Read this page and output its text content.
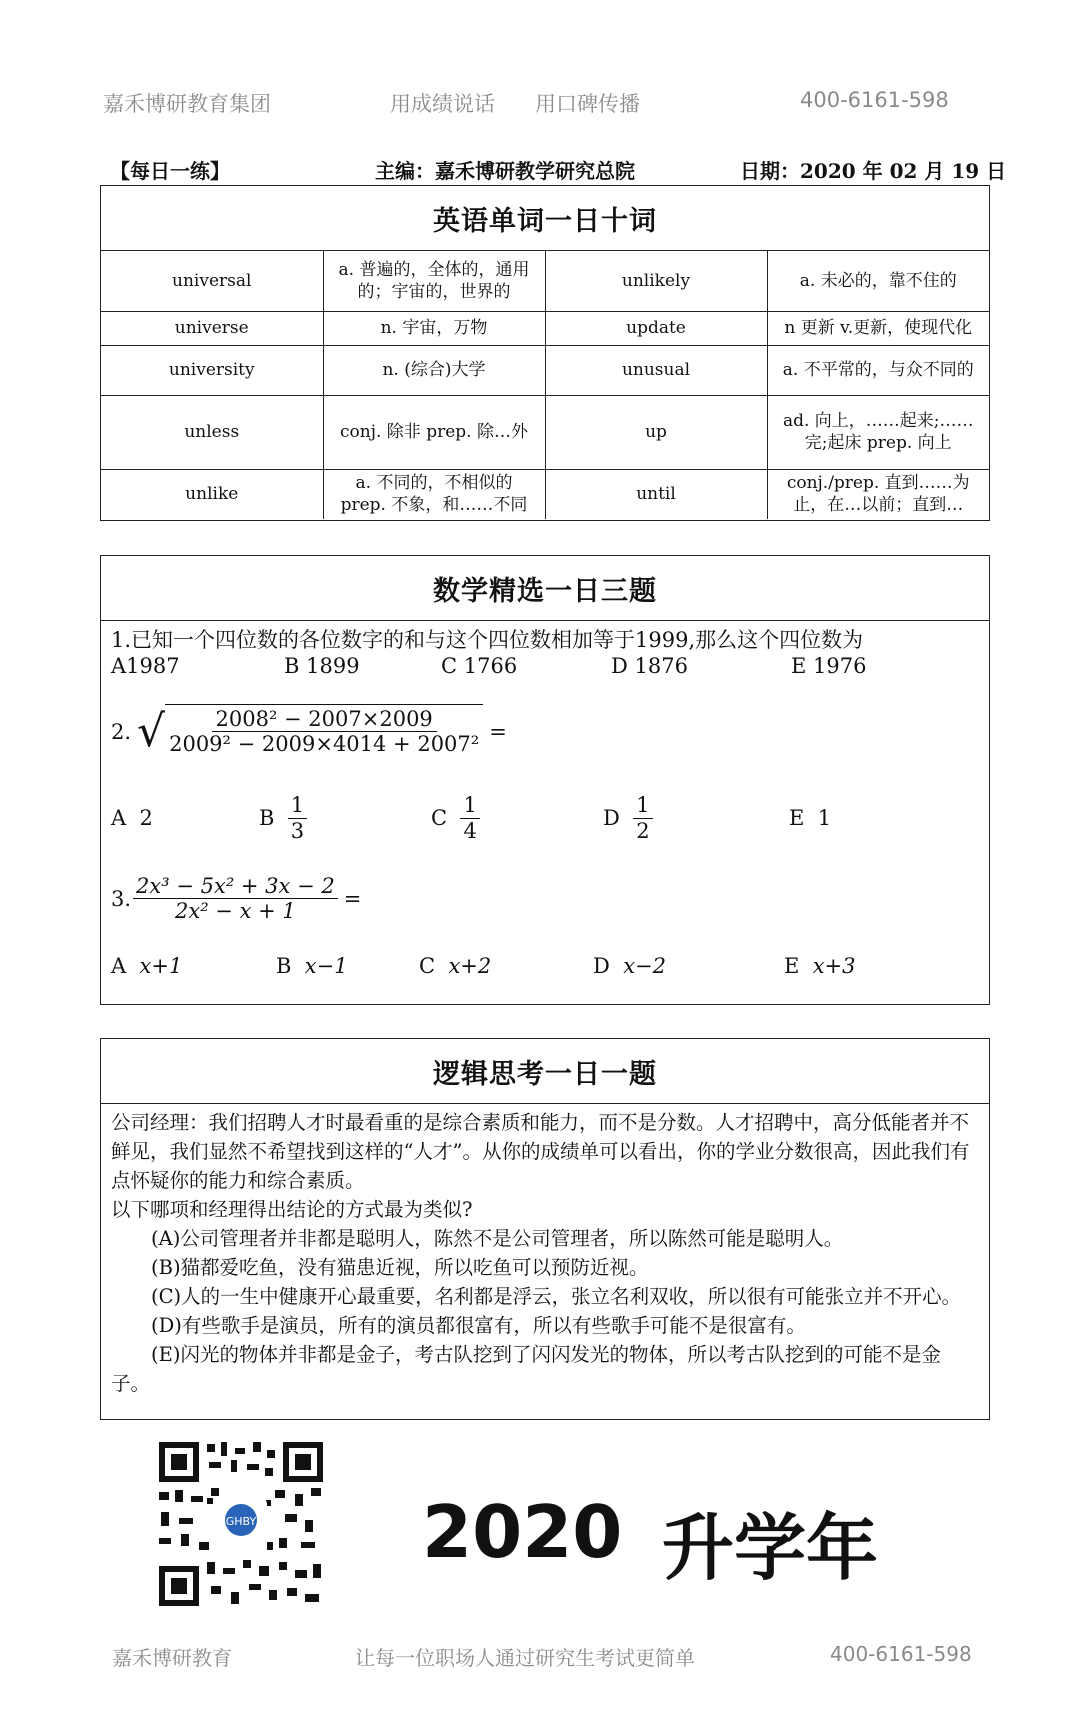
嘉禾博研教育集团	用成绩说话 用口碑传播	400-6161-598
【每日一练】	主编：嘉禾博研教学研究总院	日期：2020 年 02 月 19 日
英语单词一日十词
universal	a. 普遍的，全体的，通用的；宇宙的，世界的	unlikely	a. 未必的，靠不住的
universe	n. 宇宙，万物	update	n 更新 v.更新，使现代化
university	n. (综合)大学	unusual	a. 不平常的，与众不同的
unless	conj. 除非 prep. 除…外	up	ad. 向上，……起来;……完;起床 prep. 向上
unlike	a. 不同的，不相似的 prep. 不象，和……不同	until	conj./prep. 直到……为止，在…以前；直到…
数学精选一日三题
1.已知一个四位数的各位数字的和与这个四位数相加等于1999,那么这个四位数为
A1987	B 1899	C 1766	D 1876	E 1976
2. √ $\frac{\text{2008² − 2007×2009}}{\text{2009² − 2009×4014 + 2007²}}$ =
A
2	B
$\frac{1}{3}$	C
$\frac{1}{4}$	D
$\frac{1}{2}$	E
1
3. $\frac{\text{2x³ − 5x² + 3x − 2}}{\text{2x² − x + 1}}$ =
A x+1	B x−1	C x+2	D x−2	E x+3
逻辑思考一日一题

公司经理：我们招聘人才时最看重的是综合素质和能力，而不是分数。人才招聘中，高分低能者并不鲜见，我们显然不希望找到这样的“人才”。从你的成绩单可以看出，你的学业分数很高，因此我们有点怀疑你的能力和综合素质。

以下哪项和经理得出结论的方式最为类似?

(A)公司管理者并非都是聪明人，陈然不是公司管理者，所以陈然可能是聪明人。

(B)猫都爱吃鱼，没有猫患近视，所以吃鱼可以预防近视。

(C)人的一生中健康开心最重要，名利都是浮云，张立名利双收，所以很有可能张立并不开心。

(D)有些歌手是演员，所有的演员都很富有，所以有些歌手可能不是很富有。

(E)闪光的物体并非都是金子，考古队挖到了闪闪发光的物体，所以考古队挖到的可能不是金子。

GHBY 2020 升学年
嘉禾博研教育	让每一位职场人通过研究生考试更简单	400-6161-598
